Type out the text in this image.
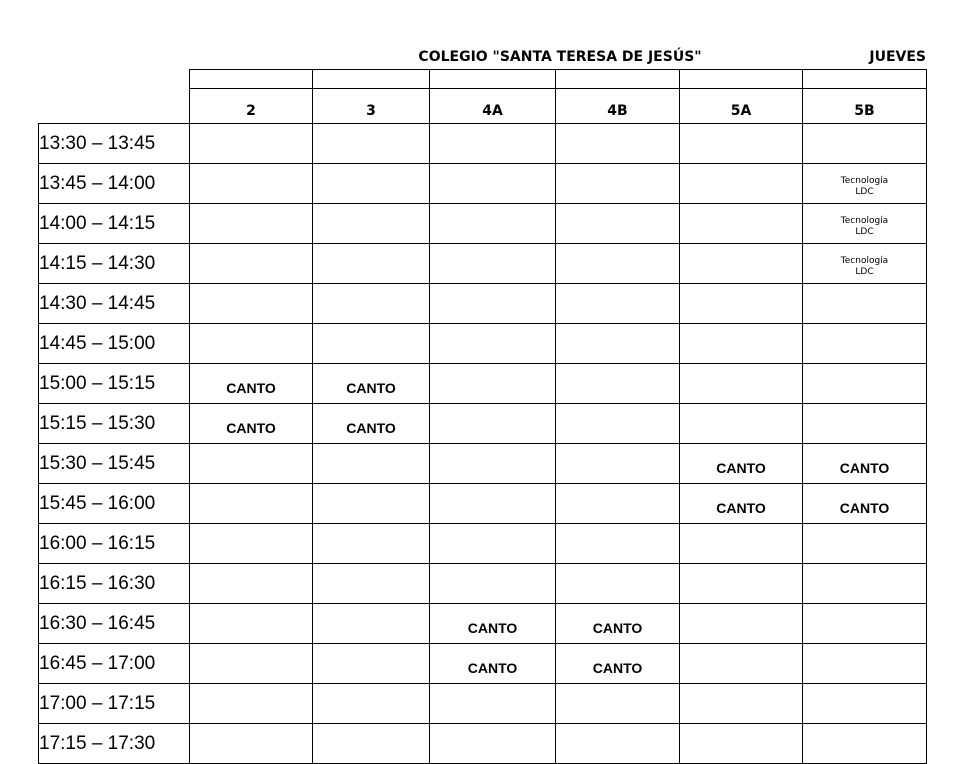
COLEGIO "SANTA TERESA DE JESÚS"	JUEVES

	2	3	4A	4B	5A	5B
13:30 – 13:45						
13:45 – 14:00						Tecnología
LDC

14:00 – 14:15						Tecnología
LDC

14:15 – 14:30						Tecnología
LDC

14:30 – 14:45						
14:45 – 15:00						
15:00 – 15:15	CANTO	CANTO				
15:15 – 15:30	CANTO	CANTO				
15:30 – 15:45					CANTO	CANTO
15:45 – 16:00					CANTO	CANTO
16:00 – 16:15						
16:15 – 16:30						
16:30 – 16:45			CANTO	CANTO		
16:45 – 17:00			CANTO	CANTO		
17:00 – 17:15						
17:15 – 17:30						
